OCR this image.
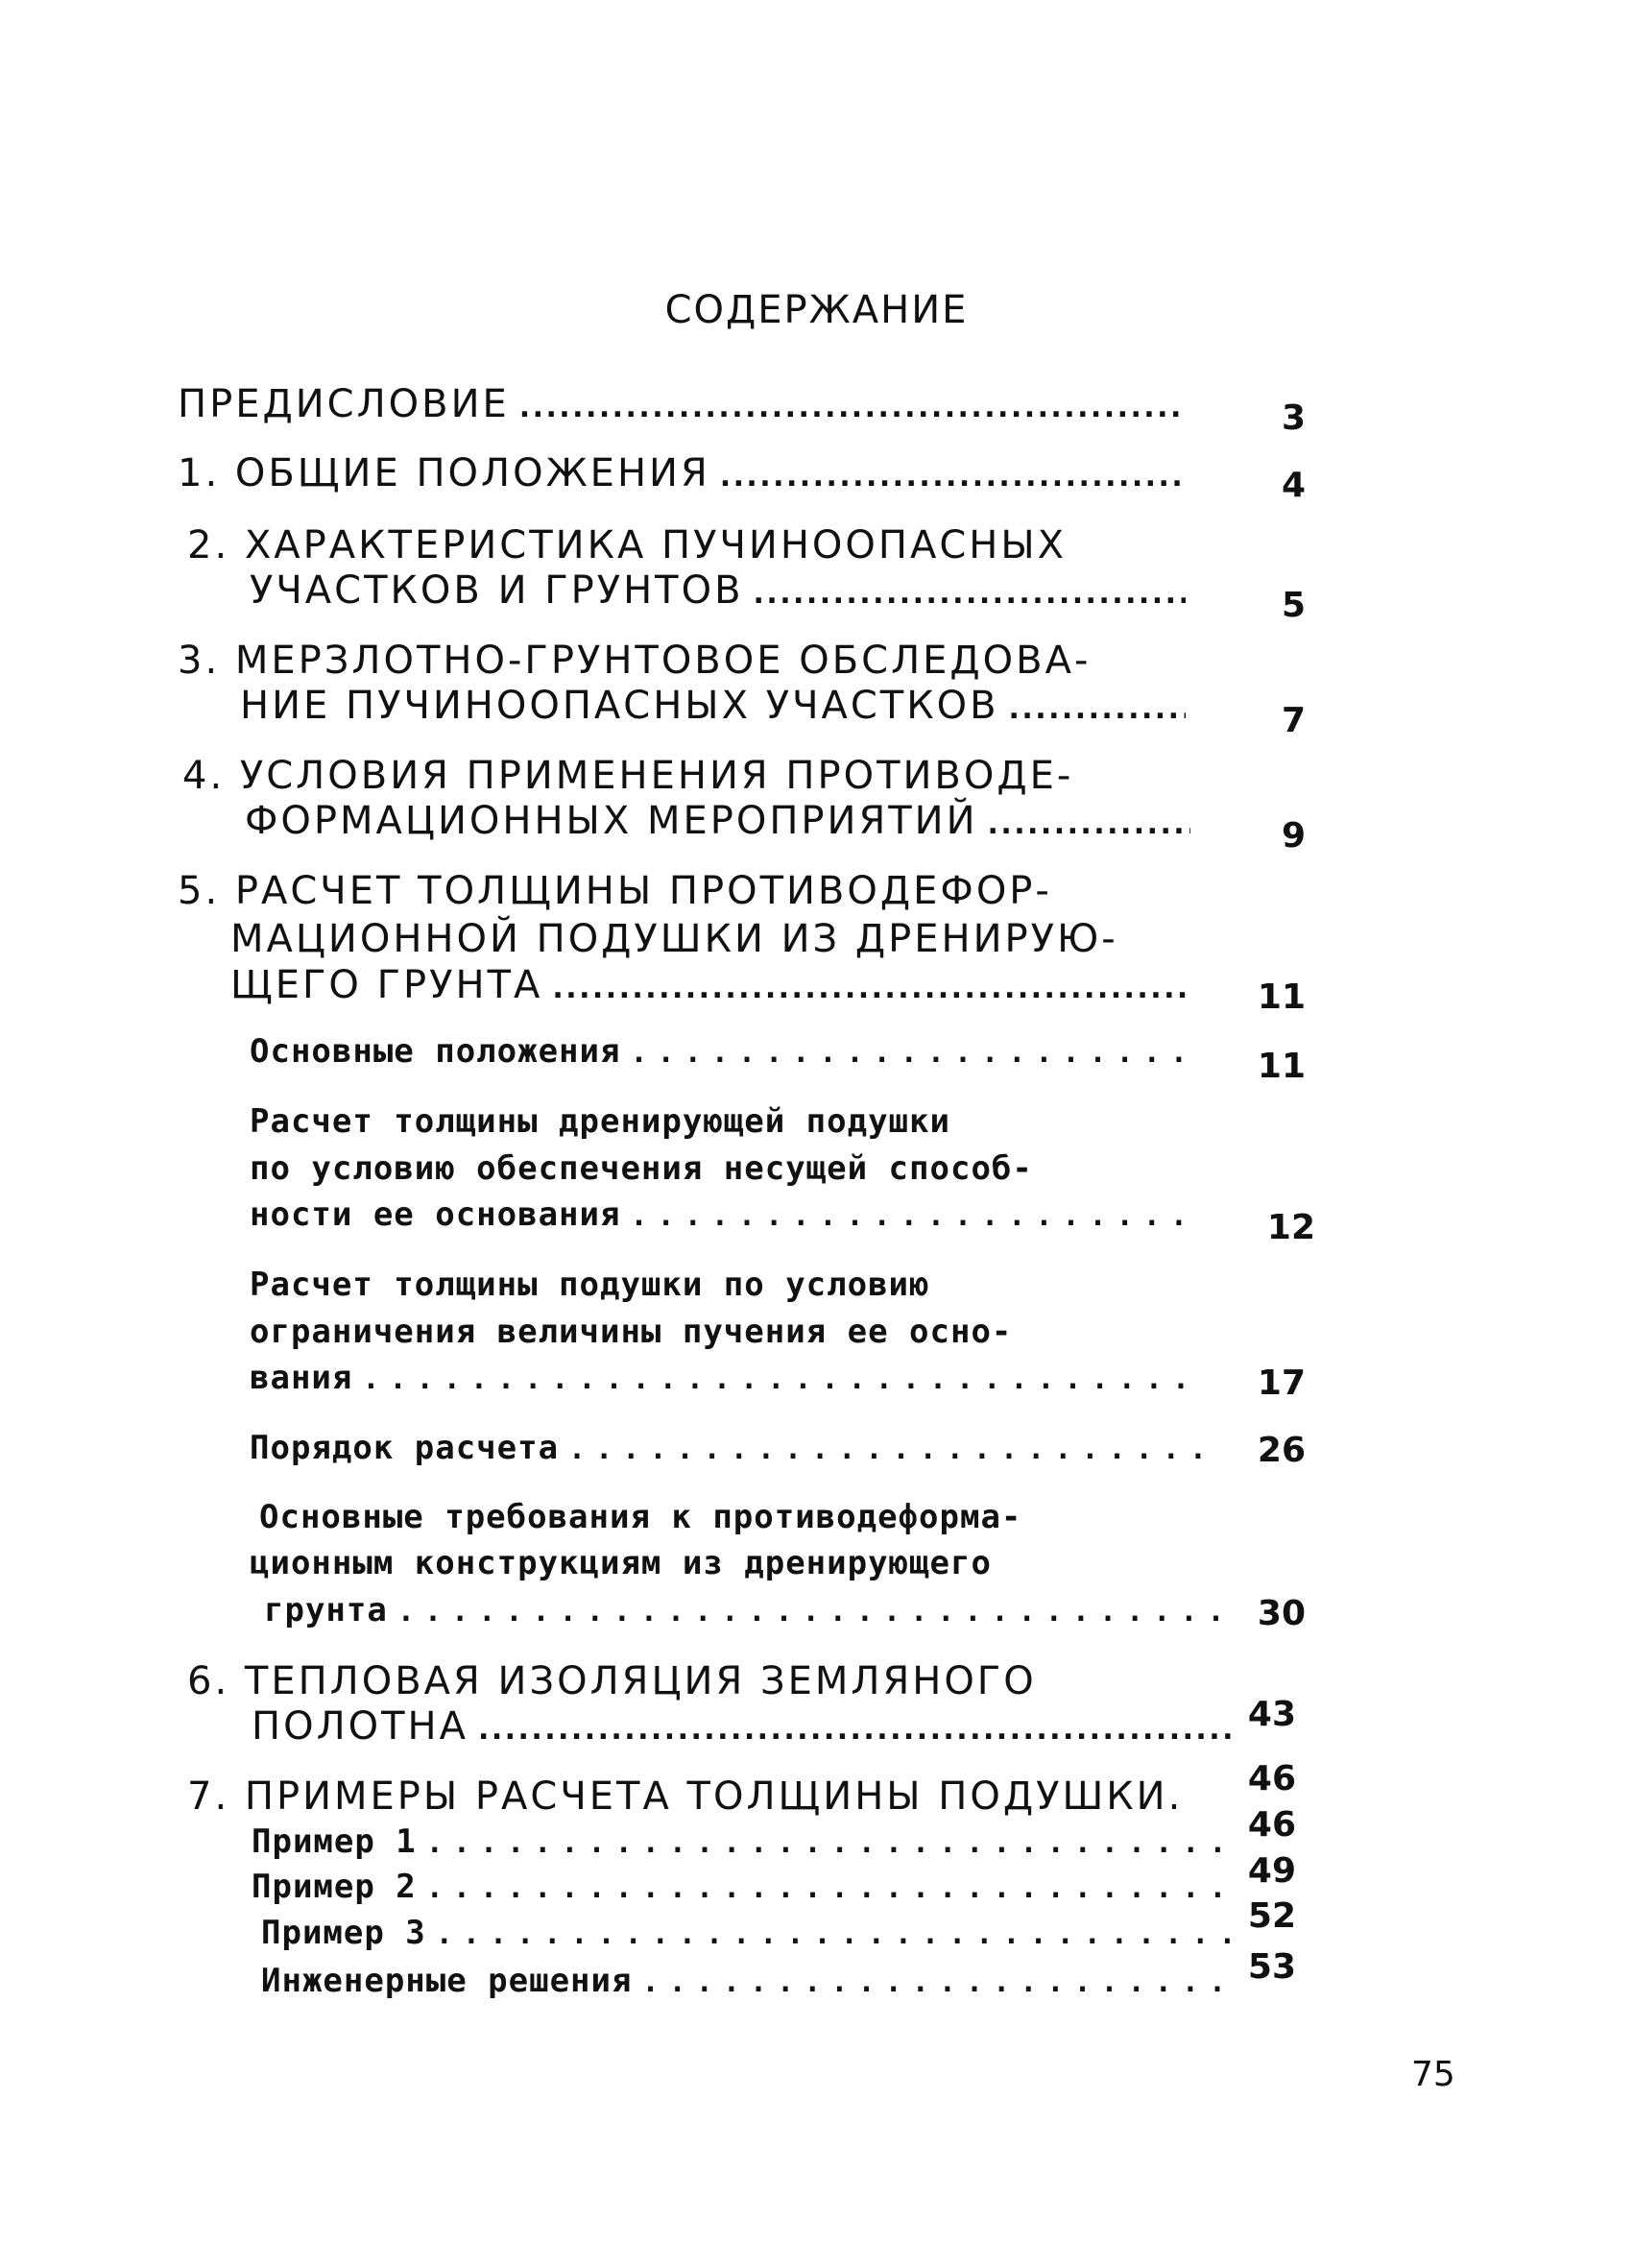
СОДЕРЖАНИЕ
ПРЕДИСЛОВИЕ . . .	3
1. ОБЩИЕ ПОЛОЖЕНИЯ . . .	4
2. ХАРАКТЕРИСТИКА ПУЧИНООПАСНЫХ
УЧАСТКОВ И ГРУНТОВ . . .	5
3. МЕРЗЛОТНО-ГРУНТОВОЕ ОБСЛЕДОВА-
НИЕ ПУЧИНООПАСНЫХ УЧАСТКОВ . . .	7
4. УСЛОВИЯ ПРИМЕНЕНИЯ ПРОТИВОДЕ-
ФОРМАЦИОННЫХ МЕРОПРИЯТИЙ . . .	9
5. РАСЧЕТ ТОЛЩИНЫ ПРОТИВОДЕФОР-
МАЦИОННОЙ ПОДУШКИ ИЗ ДРЕНИРУЮ-
ЩЕГО ГРУНТА . . .	11
Основные положения . . .	11
Расчет толщины дренирующей подушки
по условию обеспечения несущей способ-
ности ее основания . . .	12
Расчет толщины подушки по условию
ограничения величины пучения ее осно-
вания . . .	17
Порядок расчета . . .	26
Основные требования к противодеформа-
ционным конструкциям из дренирующего
грунта . . .	30
6. ТЕПЛОВАЯ ИЗОЛЯЦИЯ ЗЕМЛЯНОГО
ПОЛОТНА . . .	43
7. ПРИМЕРЫ РАСЧЕТА ТОЛЩИНЫ ПОДУШКИ.	46
Пример 1 . . .	46
Пример 2 . . .	49
Пример 3 . . .	52
Инженерные решения . . .	53
75
